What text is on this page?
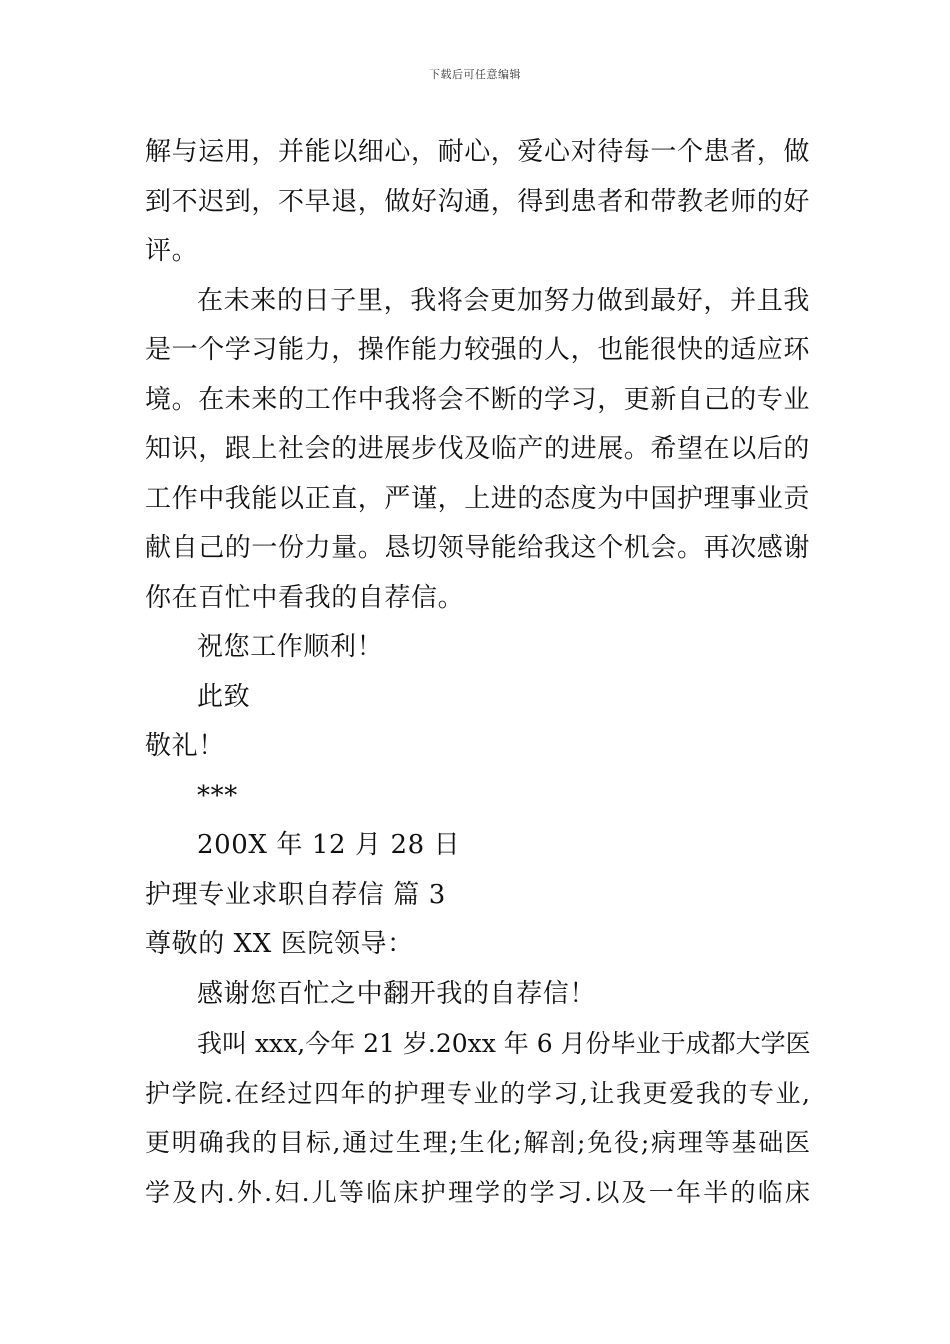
下载后可任意编辑
解与运用，并能以细心，耐心，爱心对待每一个患者，做
到不迟到，不早退，做好沟通，得到患者和带教老师的好
评。
在未来的日子里，我将会更加努力做到最好，并且我
是一个学习能力，操作能力较强的人，也能很快的适应环
境。在未来的工作中我将会不断的学习，更新自己的专业
知识，跟上社会的进展步伐及临产的进展。希望在以后的
工作中我能以正直，严谨，上进的态度为中国护理事业贡
献自己的一份力量。恳切领导能给我这个机会。再次感谢
你在百忙中看我的自荐信。
祝您工作顺利！
此致
敬礼！
***
200X 年 12 月 28 日
护理专业求职自荐信 篇 3
尊敬的 XX 医院领导：
感谢您百忙之中翻开我的自荐信！
我叫 xxx,今年 21 岁.20xx 年 6 月份毕业于成都大学医
护学院.在经过四年的护理专业的学习,让我更爱我的专业,
更明确我的目标,通过生理;生化;解剖;免役;病理等基础医
学及内.外.妇.儿等临床护理学的学习.以及一年半的临床
